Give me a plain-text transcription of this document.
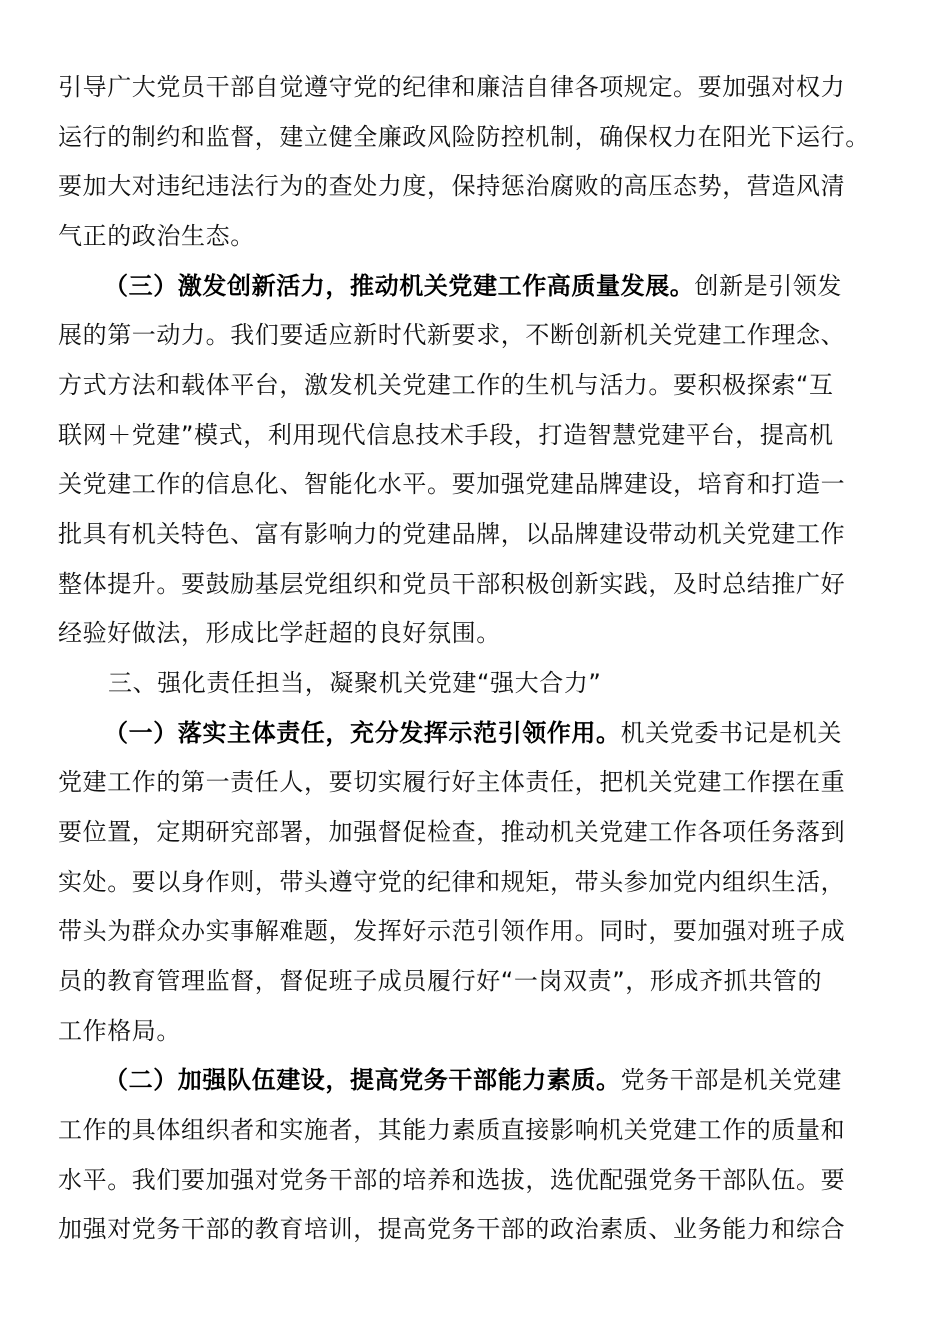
引导广大党员干部自觉遵守党的纪律和廉洁自律各项规定。要加强对权力
运行的制约和监督，建立健全廉政风险防控机制，确保权力在阳光下运行。
要加大对违纪违法行为的查处力度，保持惩治腐败的高压态势，营造风清
气正的政治生态。
（三）激发创新活力，推动机关党建工作高质量发展。创新是引领发
展的第一动力。我们要适应新时代新要求，不断创新机关党建工作理念、
方式方法和载体平台，激发机关党建工作的生机与活力。要积极探索“互
联网＋党建”模式，利用现代信息技术手段，打造智慧党建平台，提高机
关党建工作的信息化、智能化水平。要加强党建品牌建设，培育和打造一
批具有机关特色、富有影响力的党建品牌，以品牌建设带动机关党建工作
整体提升。要鼓励基层党组织和党员干部积极创新实践，及时总结推广好
经验好做法，形成比学赶超的良好氛围。
三、强化责任担当，凝聚机关党建“强大合力”
（一）落实主体责任，充分发挥示范引领作用。机关党委书记是机关
党建工作的第一责任人，要切实履行好主体责任，把机关党建工作摆在重
要位置，定期研究部署，加强督促检查，推动机关党建工作各项任务落到
实处。要以身作则，带头遵守党的纪律和规矩，带头参加党内组织生活，
带头为群众办实事解难题，发挥好示范引领作用。同时，要加强对班子成
员的教育管理监督，督促班子成员履行好“一岗双责”，形成齐抓共管的
工作格局。
（二）加强队伍建设，提高党务干部能力素质。党务干部是机关党建
工作的具体组织者和实施者，其能力素质直接影响机关党建工作的质量和
水平。我们要加强对党务干部的培养和选拔，选优配强党务干部队伍。要
加强对党务干部的教育培训，提高党务干部的政治素质、业务能力和综合
